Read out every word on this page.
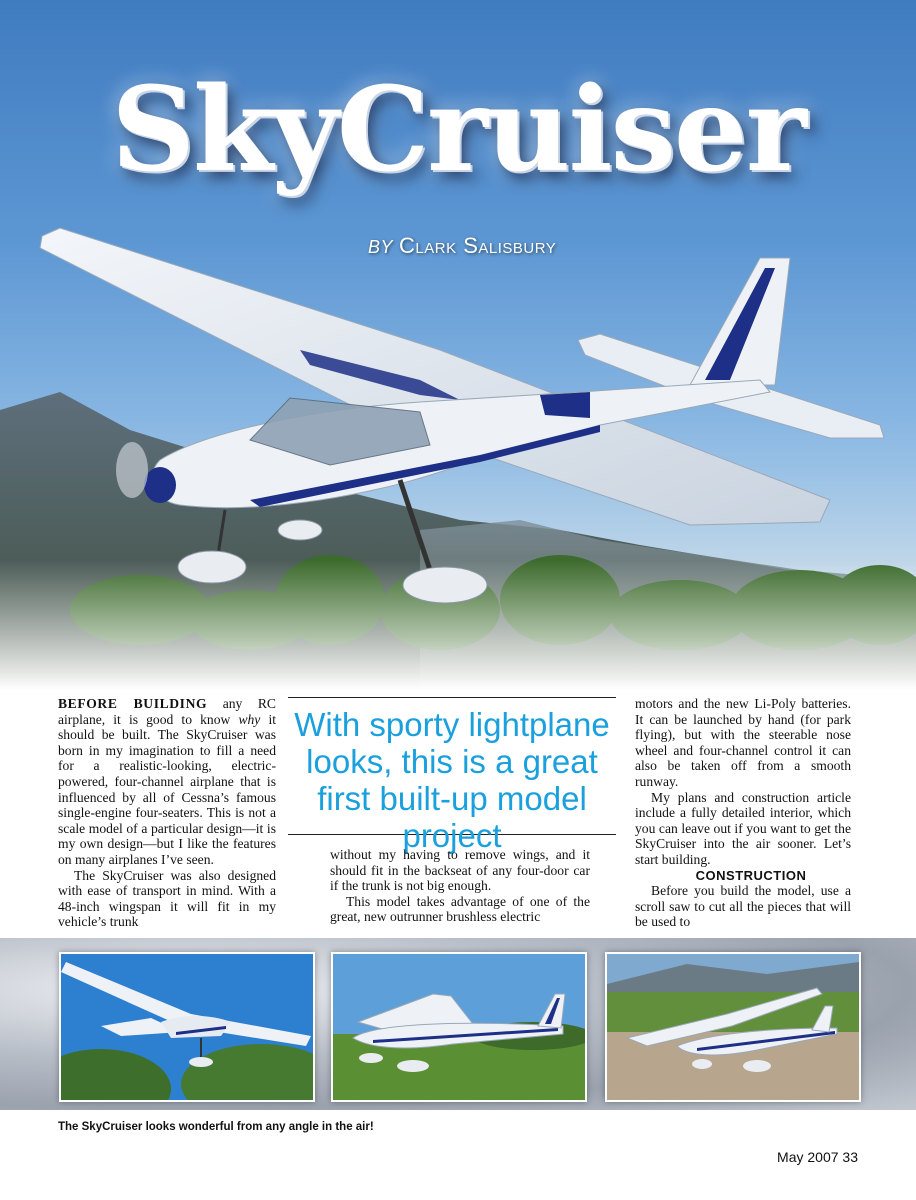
SkyCruiser
BY Clark Salisbury

BEFORE BUILDING any RC airplane, it is good to know why it should be built. The SkyCruiser was born in my imagination to fill a need for a realistic-looking, electric-powered, four-channel airplane that is influenced by all of Cessna’s famous single-engine four-seaters. This is not a scale model of a particular design—it is my own design—but I like the features on many airplanes I’ve seen.

The SkyCruiser was also designed with ease of transport in mind. With a 48-inch wingspan it will fit in my vehicle’s trunk

With sporty lightplane looks, this is a great first built-up model project

without my having to remove wings, and it should fit in the backseat of any four-door car if the trunk is not big enough.

This model takes advantage of one of the great, new outrunner brushless electric

motors and the new Li-Poly batteries. It can be launched by hand (for park flying), but with the steerable nose wheel and four-channel control it can also be taken off from a smooth runway.

My plans and construction article include a fully detailed interior, which you can leave out if you want to get the SkyCruiser into the air sooner. Let’s start building.

CONSTRUCTION

Before you build the model, use a scroll saw to cut all the pieces that will be used to

The SkyCruiser looks wonderful from any angle in the air!
May 2007 33
